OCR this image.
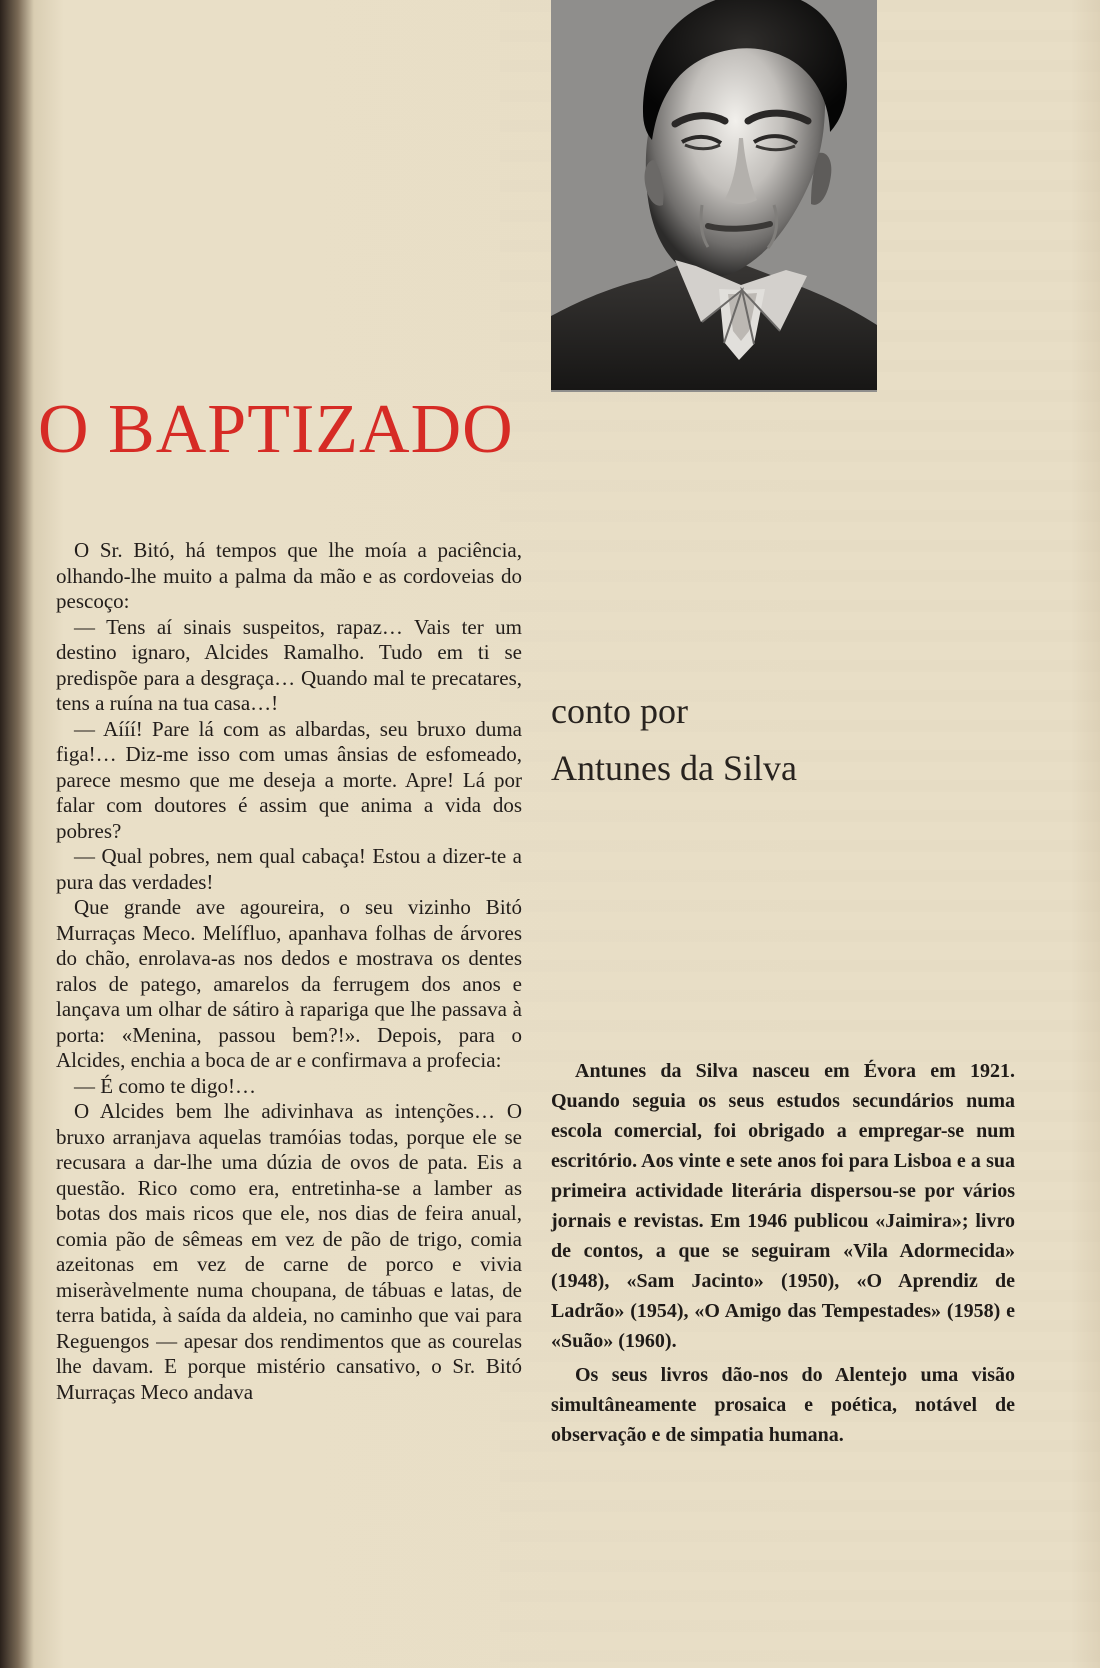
O BAPTIZADO

O Sr. Bitó, há tempos que lhe moía a paciência, olhando-lhe muito a palma da mão e as cordoveias do pescoço:

— Tens aí sinais suspeitos, rapaz… Vais ter um destino ignaro, Alcides Ramalho. Tudo em ti se predispõe para a desgraça… Quando mal te precatares, tens a ruína na tua casa…!

— Aííí! Pare lá com as albardas, seu bruxo duma figa!… Diz-me isso com umas ânsias de esfomeado, parece mesmo que me deseja a morte. Apre! Lá por falar com doutores é assim que anima a vida dos pobres?

— Qual pobres, nem qual cabaça! Estou a dizer-te a pura das verdades!

Que grande ave agoureira, o seu vizinho Bitó Murraças Meco. Melífluo, apanhava folhas de árvores do chão, enrolava-as nos dedos e mostrava os dentes ralos de patego, amarelos da ferrugem dos anos e lançava um olhar de sátiro à rapariga que lhe passava à porta: «Menina, passou bem?!». Depois, para o Alcides, enchia a boca de ar e confirmava a profecia:

— É como te digo!…

O Alcides bem lhe adivinhava as intenções… O bruxo arranjava aquelas tramóias todas, porque ele se recusara a dar-lhe uma dúzia de ovos de pata. Eis a questão. Rico como era, entretinha-se a lamber as botas dos mais ricos que ele, nos dias de feira anual, comia pão de sêmeas em vez de pão de trigo, comia azeitonas em vez de carne de porco e vivia miseràvelmente numa choupana, de tábuas e latas, de terra batida, à saída da aldeia, no caminho que vai para Reguengos — apesar dos rendimentos que as courelas lhe davam. E porque mistério cansativo, o Sr. Bitó Murraças Meco andava

conto por
Antunes da Silva

Antunes da Silva nasceu em Évora em 1921. Quando seguia os seus estudos secundários numa escola comercial, foi obrigado a empregar-se num escritório. Aos vinte e sete anos foi para Lisboa e a sua primeira actividade literária dispersou-se por vários jornais e revistas. Em 1946 publicou «Jaimira»; livro de contos, a que se seguiram «Vila Adormecida» (1948), «Sam Jacinto» (1950), «O Aprendiz de Ladrão» (1954), «O Amigo das Tempestades» (1958) e «Suão» (1960).

Os seus livros dão-nos do Alentejo uma visão simultâneamente prosaica e poética, notável de observação e de simpatia humana.
